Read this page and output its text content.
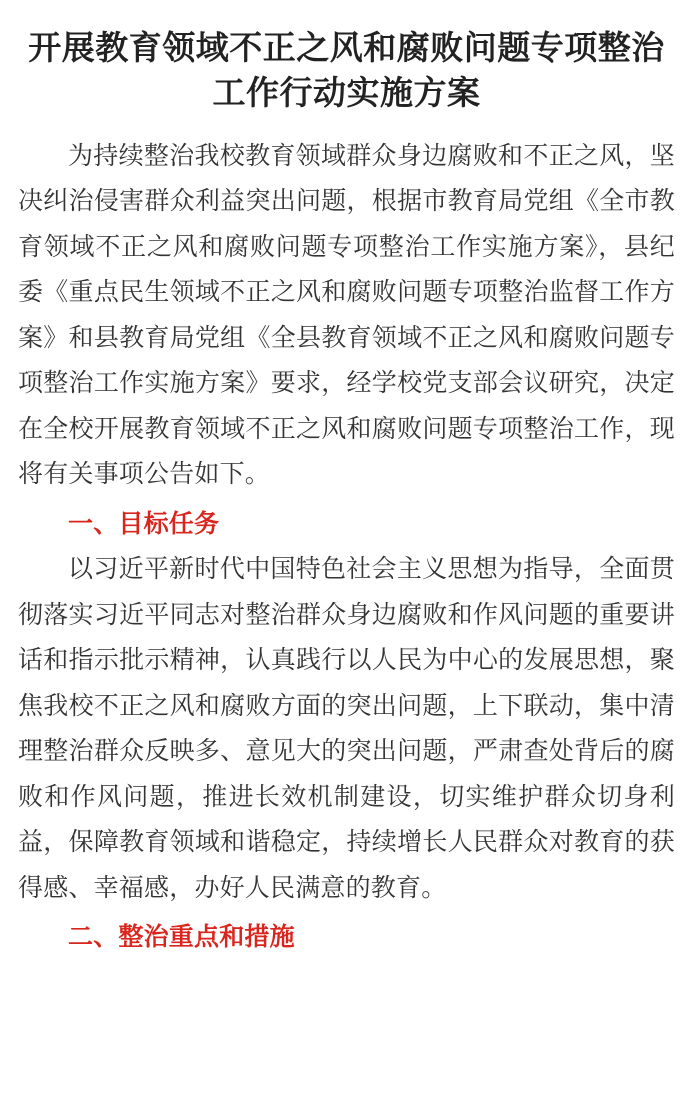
开展教育领域不正之风和腐败问题专项整治工作行动实施方案

为持续整治我校教育领域群众身边腐败和不正之风，坚决纠治侵害群众利益突出问题，根据市教育局党组《全市教育领域不正之风和腐败问题专项整治工作实施方案》，县纪委《重点民生领域不正之风和腐败问题专项整治监督工作方案》和县教育局党组《全县教育领域不正之风和腐败问题专项整治工作实施方案》要求，经学校党支部会议研究，决定在全校开展教育领域不正之风和腐败问题专项整治工作，现将有关事项公告如下。

一、目标任务

以习近平新时代中国特色社会主义思想为指导，全面贯彻落实习近平同志对整治群众身边腐败和作风问题的重要讲话和指示批示精神，认真践行以人民为中心的发展思想，聚焦我校不正之风和腐败方面的突出问题，上下联动，集中清理整治群众反映多、意见大的突出问题，严肃查处背后的腐败和作风问题，推进长效机制建设，切实维护群众切身利益，保障教育领域和谐稳定，持续增长人民群众对教育的获得感、幸福感，办好人民满意的教育。

二、整治重点和措施
